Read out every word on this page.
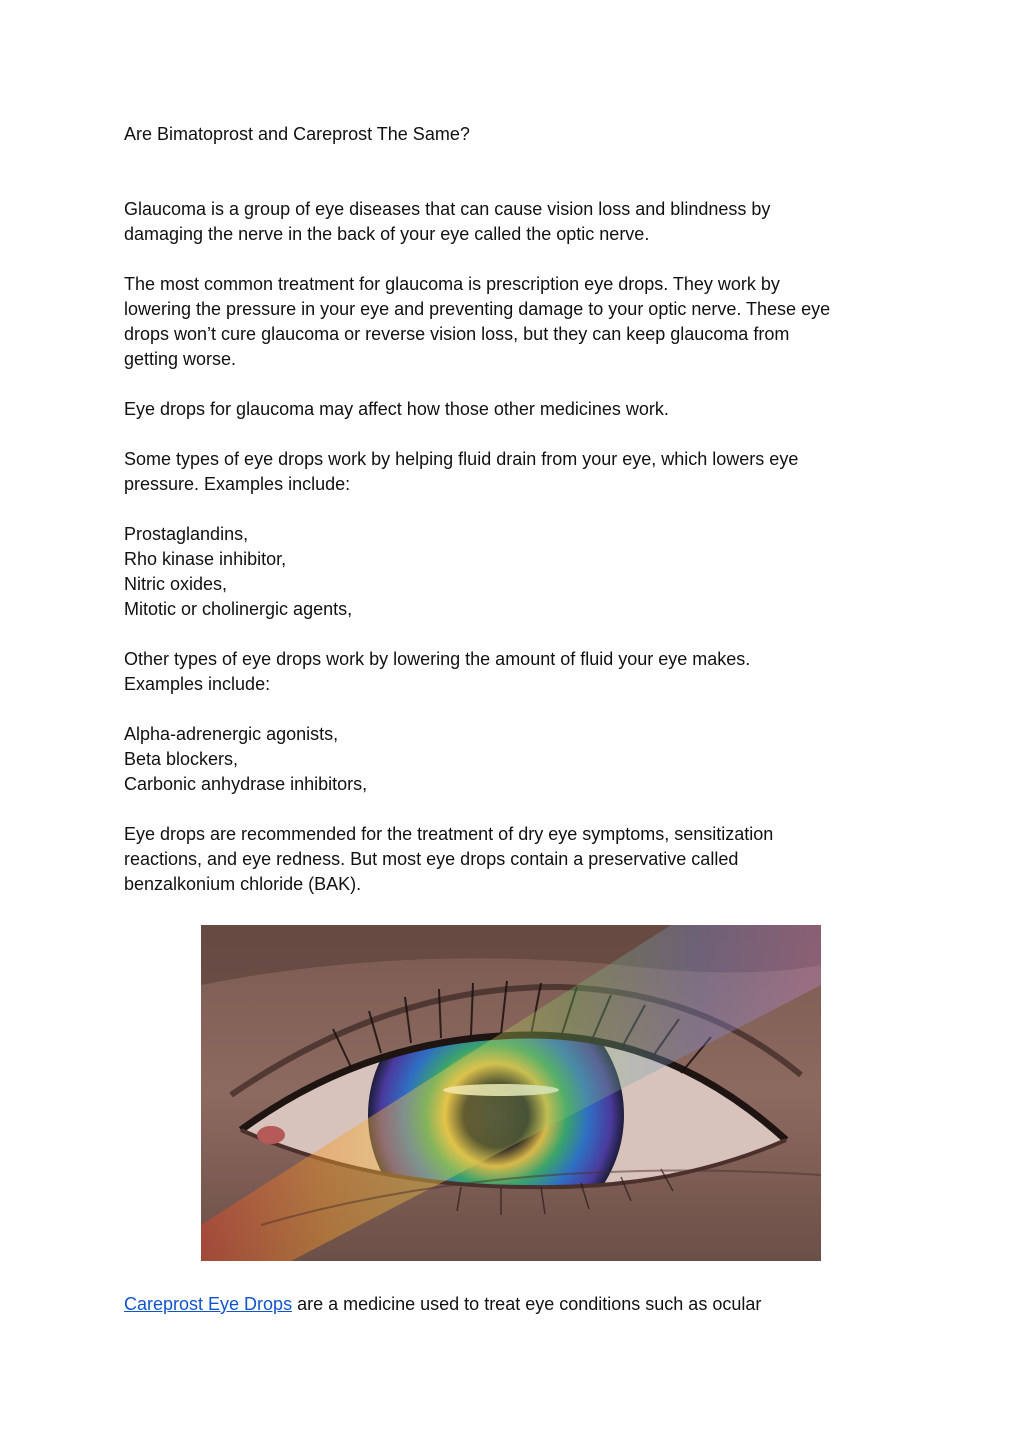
Are Bimatoprost and Careprost The Same?

Glaucoma is a group of eye diseases that can cause vision loss and blindness by
damaging the nerve in the back of your eye called the optic nerve.

The most common treatment for glaucoma is prescription eye drops. They work by
lowering the pressure in your eye and preventing damage to your optic nerve. These eye
drops won’t cure glaucoma or reverse vision loss, but they can keep glaucoma from
getting worse.

Eye drops for glaucoma may affect how those other medicines work.

Some types of eye drops work by helping fluid drain from your eye, which lowers eye
pressure. Examples include:

Prostaglandins,
Rho kinase inhibitor,
Nitric oxides,
Mitotic or cholinergic agents,

Other types of eye drops work by lowering the amount of fluid your eye makes.
Examples include:

Alpha-adrenergic agonists,
Beta blockers,
Carbonic anhydrase inhibitors,

Eye drops are recommended for the treatment of dry eye symptoms, sensitization
reactions, and eye redness. But most eye drops contain a preservative called
benzalkonium chloride (BAK).

Careprost Eye Drops are a medicine used to treat eye conditions such as ocular
